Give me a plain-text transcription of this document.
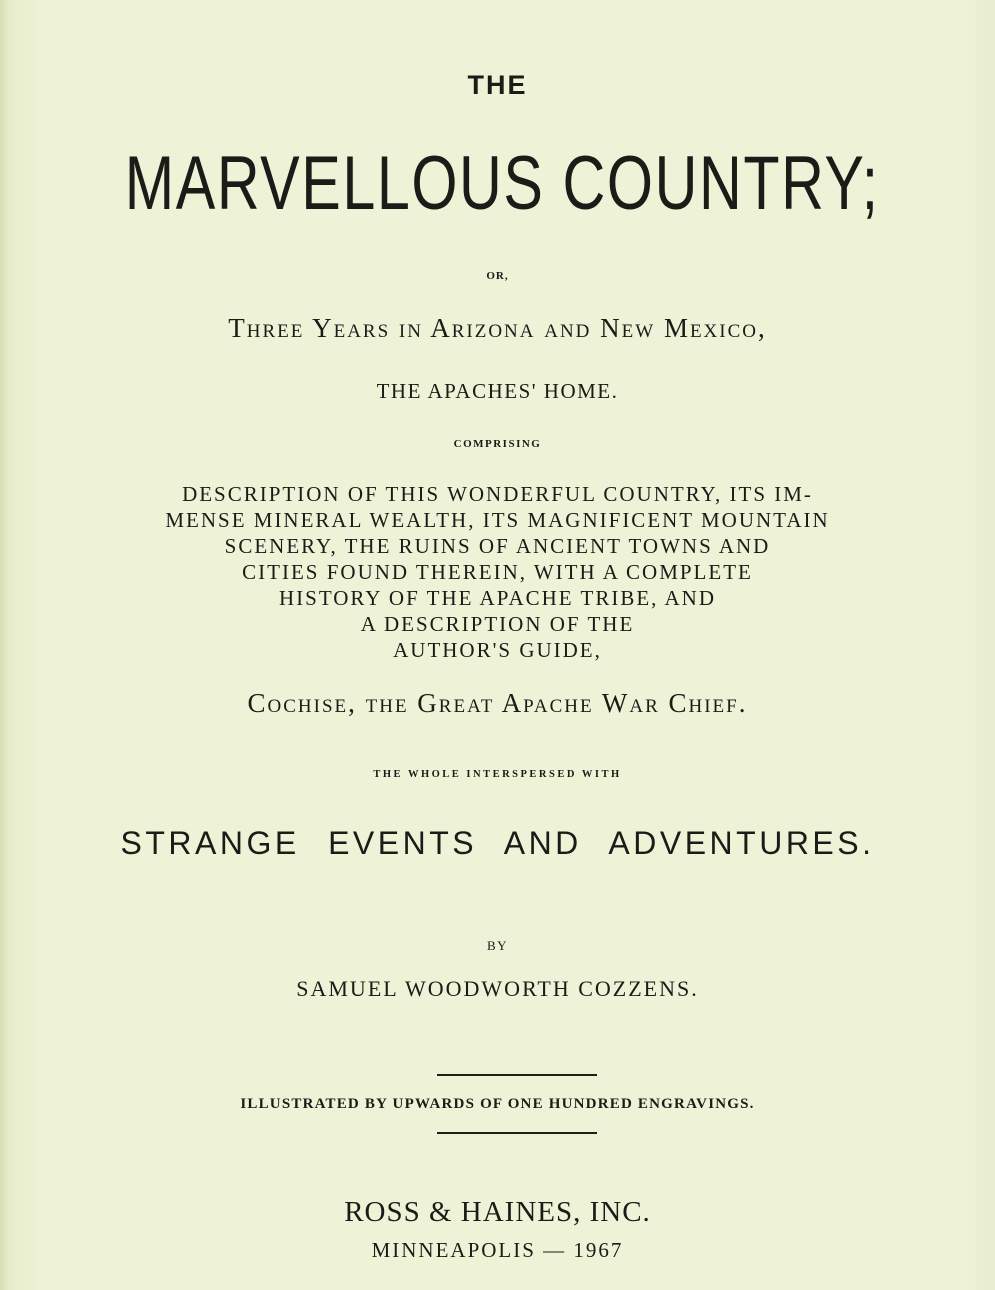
THE
MARVELLOUS COUNTRY;
OR,
Three Years in Arizona and New Mexico,
THE APACHES' HOME.
COMPRISING
DESCRIPTION OF THIS WONDERFUL COUNTRY, ITS IM-
MENSE MINERAL WEALTH, ITS MAGNIFICENT MOUNTAIN
SCENERY, THE RUINS OF ANCIENT TOWNS AND
CITIES FOUND THEREIN, WITH A COMPLETE
HISTORY OF THE APACHE TRIBE, AND
A DESCRIPTION OF THE
AUTHOR'S GUIDE,
Cochise, the Great Apache War Chief.
THE WHOLE INTERSPERSED WITH
STRANGE EVENTS AND ADVENTURES.
BY
SAMUEL WOODWORTH COZZENS.
ILLUSTRATED BY UPWARDS OF ONE HUNDRED ENGRAVINGS.
ROSS & HAINES, INC.
MINNEAPOLIS — 1967
